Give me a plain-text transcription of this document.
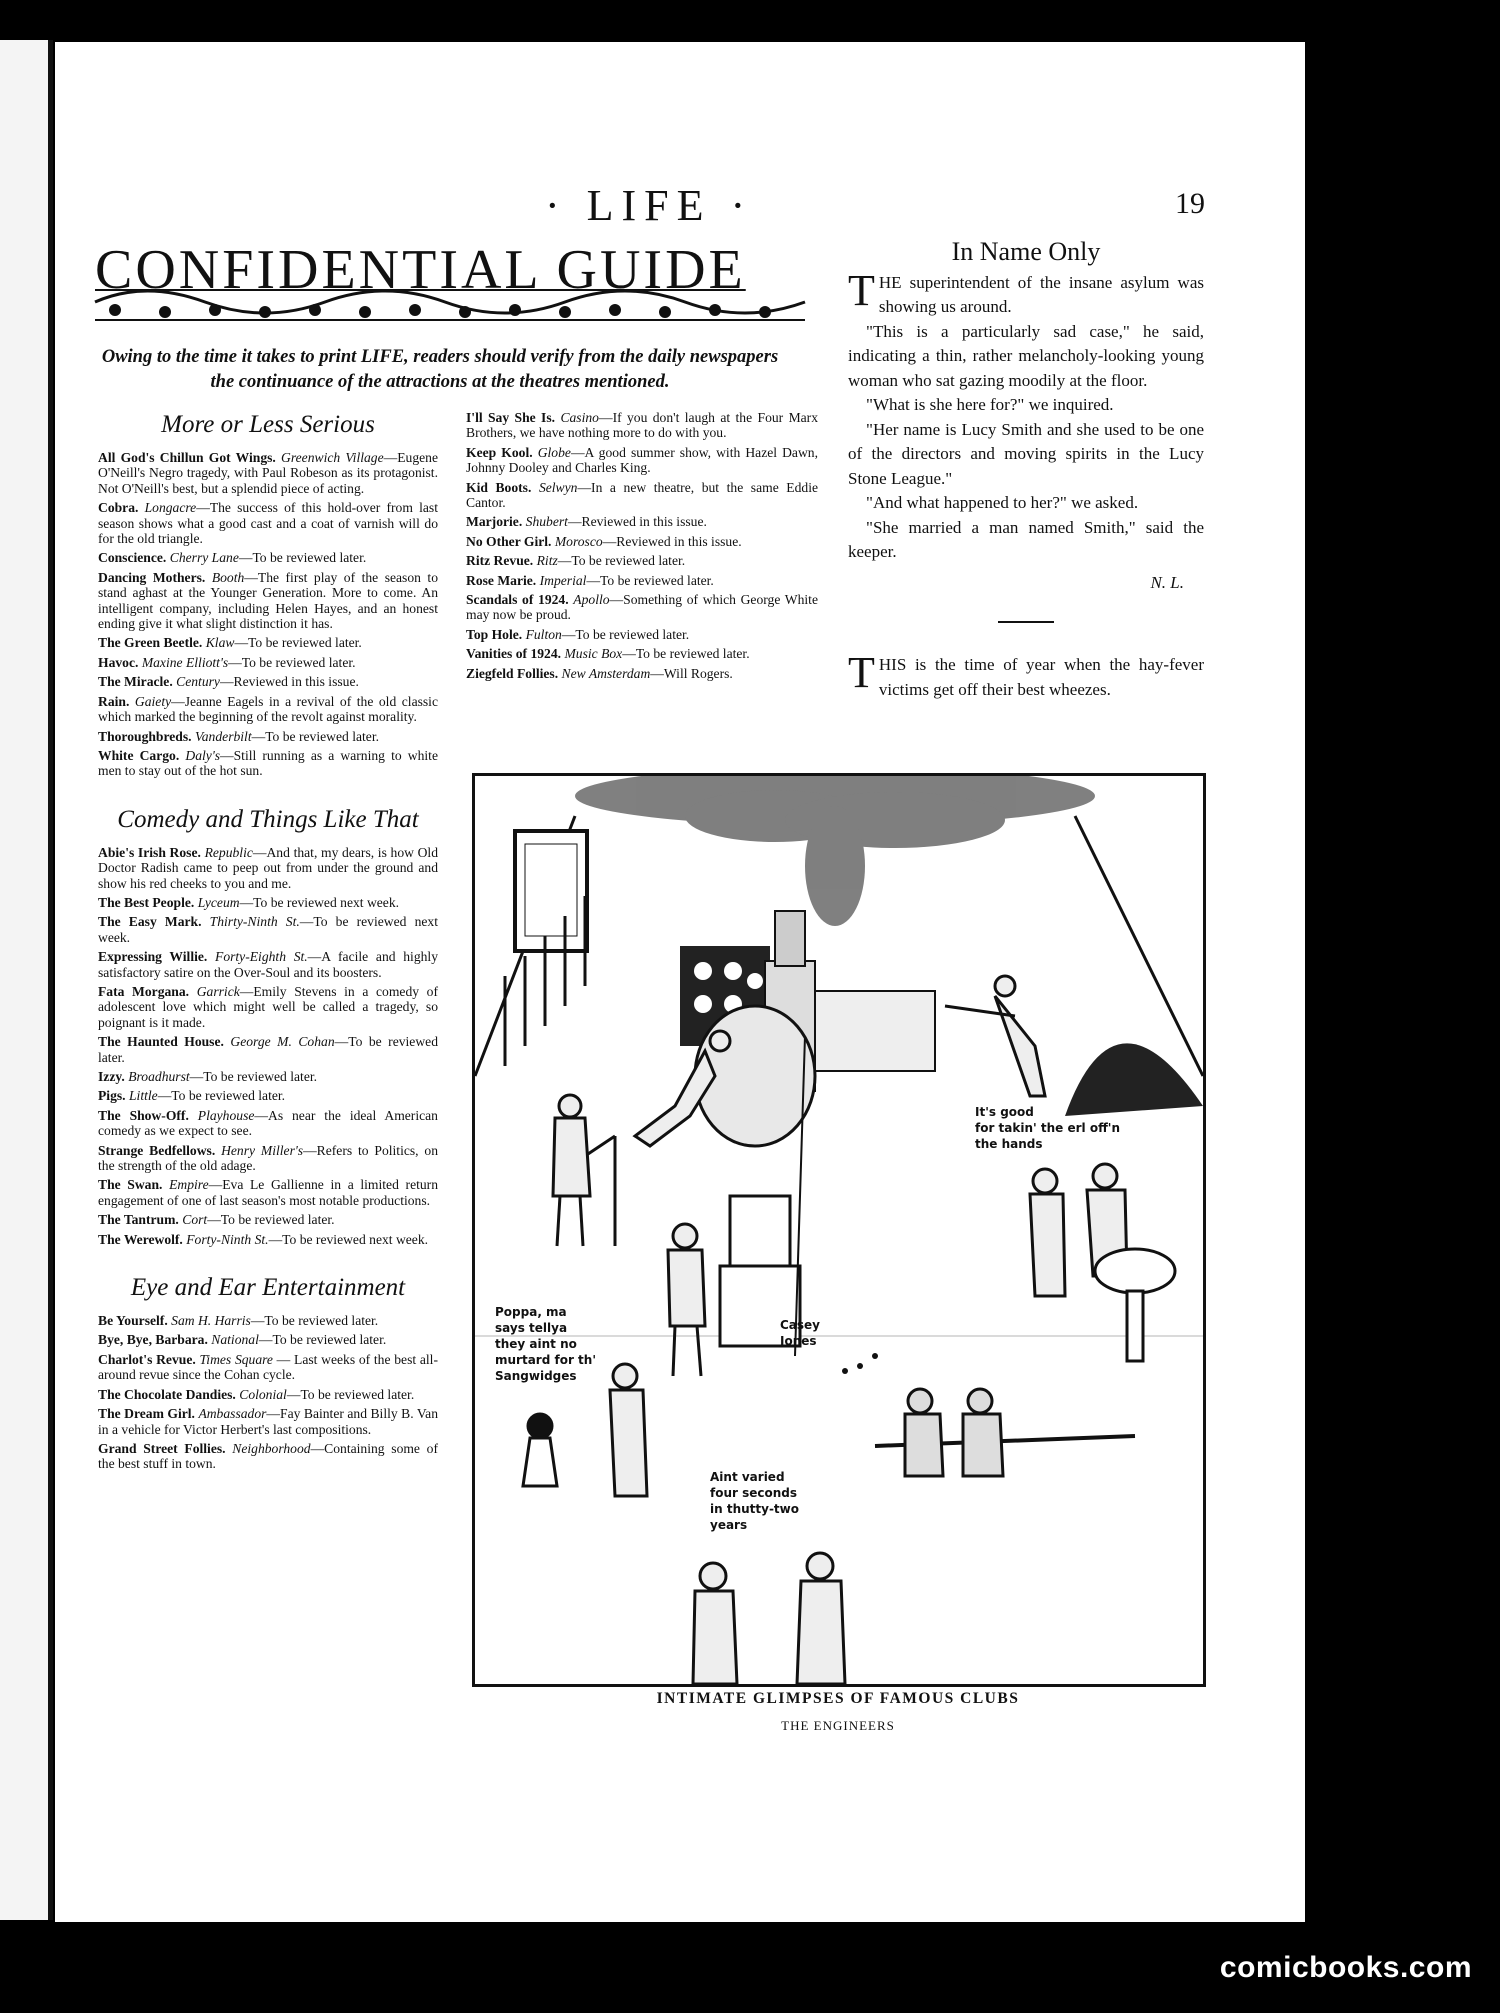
· LIFE ·	19
CONFIDENTIAL GUIDE
Owing to the time it takes to print LIFE, readers should verify from the daily newspapers the continuance of the attractions at the theatres mentioned.
More or Less Serious
All God's Chillun Got Wings. Greenwich Village—Eugene O'Neill's Negro tragedy, with Paul Robeson as its protagonist. Not O'Neill's best, but a splendid piece of acting.
Cobra. Longacre—The success of this hold-over from last season shows what a good cast and a coat of varnish will do for the old triangle.
Conscience. Cherry Lane—To be reviewed later.
Dancing Mothers. Booth—The first play of the season to stand aghast at the Younger Generation. More to come. An intelligent company, including Helen Hayes, and an honest ending give it what slight distinction it has.
The Green Beetle. Klaw—To be reviewed later.
Havoc. Maxine Elliott's—To be reviewed later.
The Miracle. Century—Reviewed in this issue.
Rain. Gaiety—Jeanne Eagels in a revival of the old classic which marked the beginning of the revolt against morality.
Thoroughbreds. Vanderbilt—To be reviewed later.
White Cargo. Daly's—Still running as a warning to white men to stay out of the hot sun.
Comedy and Things Like That
Abie's Irish Rose. Republic—And that, my dears, is how Old Doctor Radish came to peep out from under the ground and show his red cheeks to you and me.
The Best People. Lyceum—To be reviewed next week.
The Easy Mark. Thirty-Ninth St.—To be reviewed next week.
Expressing Willie. Forty-Eighth St.—A facile and highly satisfactory satire on the Over-Soul and its boosters.
Fata Morgana. Garrick—Emily Stevens in a comedy of adolescent love which might well be called a tragedy, so poignant is it made.
The Haunted House. George M. Cohan—To be reviewed later.
Izzy. Broadhurst—To be reviewed later.
Pigs. Little—To be reviewed later.
The Show-Off. Playhouse—As near the ideal American comedy as we expect to see.
Strange Bedfellows. Henry Miller's—Refers to Politics, on the strength of the old adage.
The Swan. Empire—Eva Le Gallienne in a limited return engagement of one of last season's most notable productions.
The Tantrum. Cort—To be reviewed later.
The Werewolf. Forty-Ninth St.—To be reviewed next week.
Eye and Ear Entertainment
Be Yourself. Sam H. Harris—To be reviewed later.
Bye, Bye, Barbara. National—To be reviewed later.
Charlot's Revue. Times Square — Last weeks of the best all-around revue since the Cohan cycle.
The Chocolate Dandies. Colonial—To be reviewed later.
The Dream Girl. Ambassador—Fay Bainter and Billy B. Van in a vehicle for Victor Herbert's last compositions.
Grand Street Follies. Neighborhood—Containing some of the best stuff in town.
I'll Say She Is. Casino—If you don't laugh at the Four Marx Brothers, we have nothing more to do with you.
Keep Kool. Globe—A good summer show, with Hazel Dawn, Johnny Dooley and Charles King.
Kid Boots. Selwyn—In a new theatre, but the same Eddie Cantor.
Marjorie. Shubert—Reviewed in this issue.
No Other Girl. Morosco—Reviewed in this issue.
Ritz Revue. Ritz—To be reviewed later.
Rose Marie. Imperial—To be reviewed later.
Scandals of 1924. Apollo—Something of which George White may now be proud.
Top Hole. Fulton—To be reviewed later.
Vanities of 1924. Music Box—To be reviewed later.
Ziegfeld Follies. New Amsterdam—Will Rogers.
In Name Only

THE superintendent of the insane asylum was showing us around.

"This is a particularly sad case," he said, indicating a thin, rather melancholy-looking young woman who sat gazing moodily at the floor.

"What is she here for?" we inquired.

"Her name is Lucy Smith and she used to be one of the directors and moving spirits in the Lucy Stone League."

"And what happened to her?" we asked.

"She married a man named Smith," said the keeper.

N. L.

THIS is the time of year when the hay-fever victims get off their best wheezes.

It's good for takin' the erl off'n the hands
Poppa, ma says tellya they aint no murtard for th' Sangwidges
Casey Jones
Aint varied four seconds in thutty-two years
INTIMATE GLIMPSES OF FAMOUS CLUBS
THE ENGINEERS
comicbooks.com
